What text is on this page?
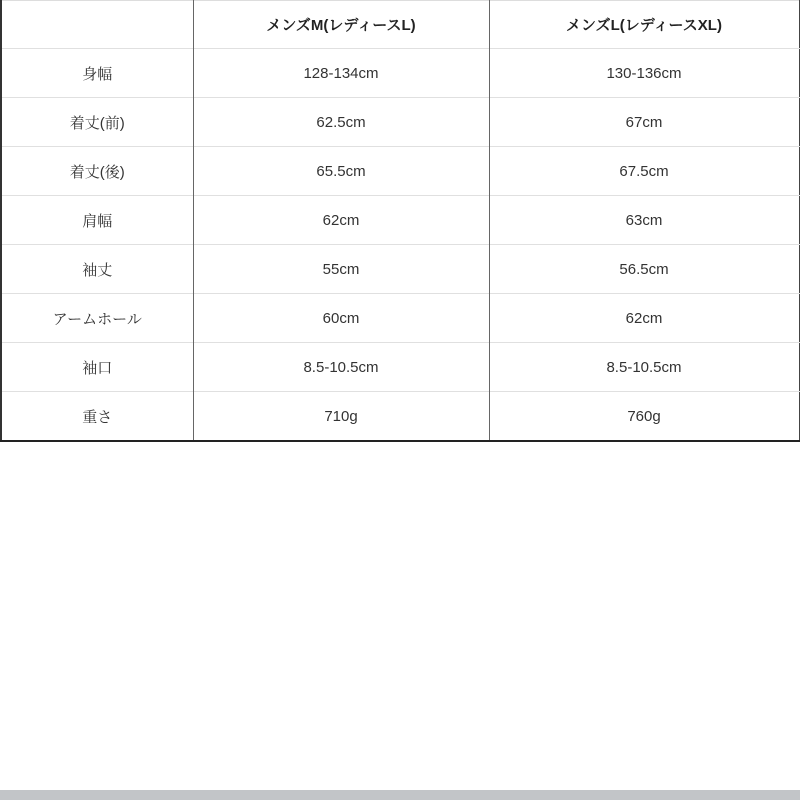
	メンズM(レディースL)	メンズL(レディースXL)
身幅	128-134cm	130-136cm
着丈(前)	62.5cm	67cm
着丈(後)	65.5cm	67.5cm
肩幅	62cm	63cm
袖丈	55cm	56.5cm
アームホール	60cm	62cm
袖口	8.5-10.5cm	8.5-10.5cm
重さ	710g	760g
